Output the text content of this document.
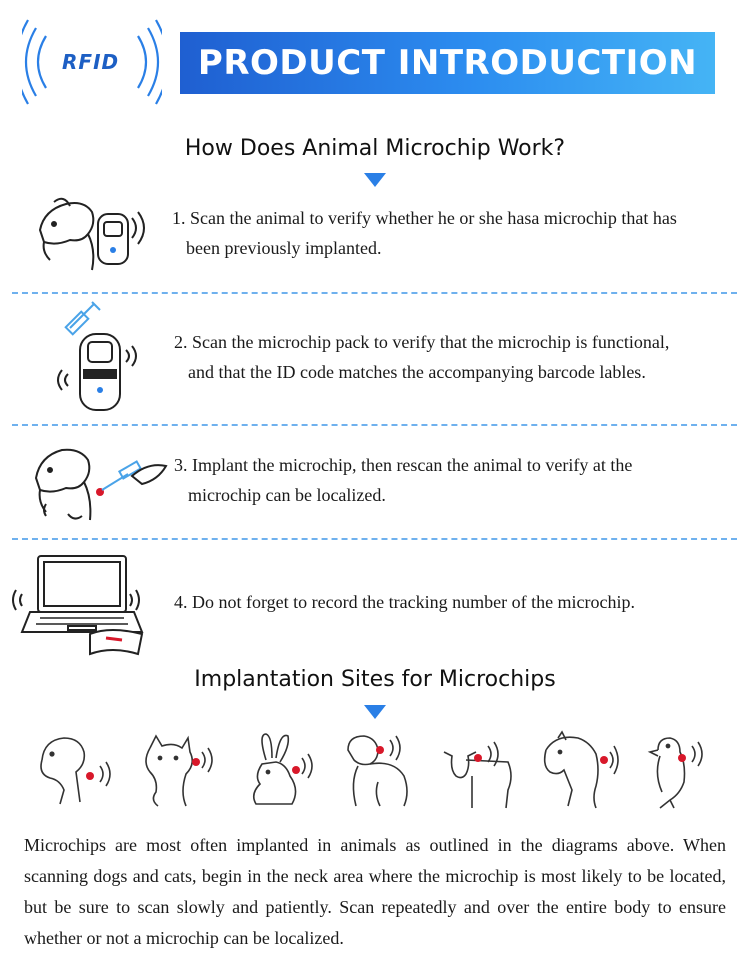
RFID	PRODUCT INTRODUCTION
How Does Animal Microchip Work?
1. Scan the animal to verify whether he or she hasa microchip that has
been previously implanted.
2. Scan the microchip pack to verify that the microchip is functional,
and that the ID code matches the accompanying barcode lables.
3. Implant the microchip, then rescan the animal to verify at the
microchip can be localized.
4. Do not forget to record the tracking number of the microchip.
Implantation Sites for Microchips
Microchips are most often implanted in animals as outlined in the diagrams above. When scanning dogs and cats, begin in the neck area where the microchip is most likely to be located, but be sure to scan slowly and patiently. Scan repeatedly and over the entire body to ensure whether or not a microchip can be localized.
